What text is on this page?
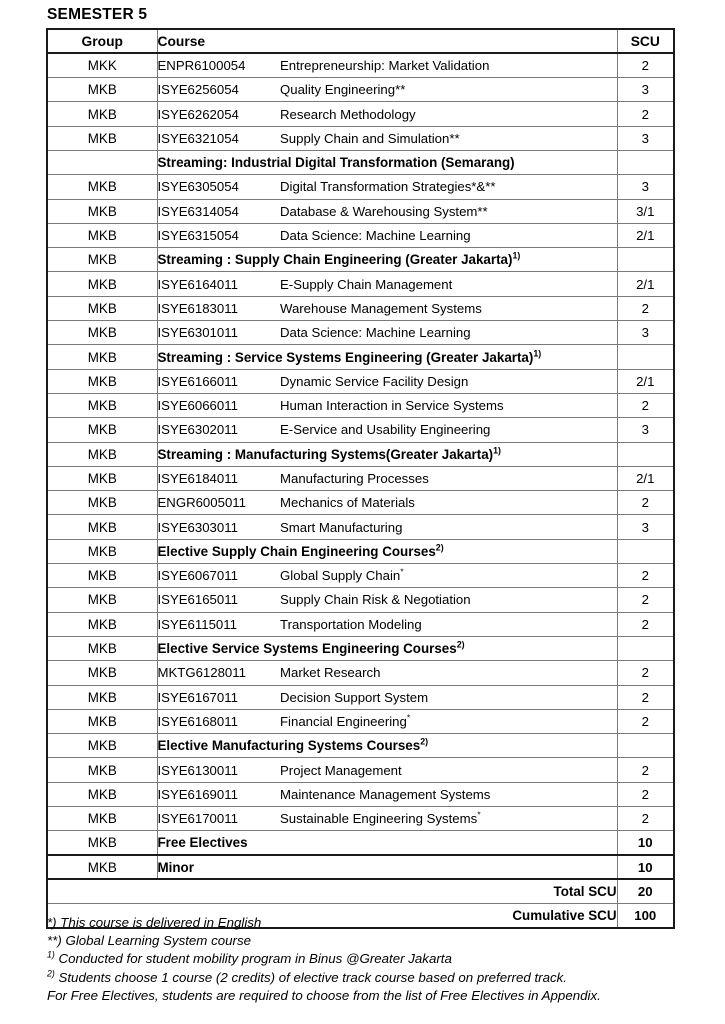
SEMESTER 5
Group	Course		SCU
MKK	ENPR6100054	Entrepreneurship: Market Validation	2
MKB	ISYE6256054	Quality Engineering**	3
MKB	ISYE6262054	Research Methodology	2
MKB	ISYE6321054	Supply Chain and Simulation**	3
	Streaming: Industrial Digital Transformation (Semarang)		
MKB	ISYE6305054	Digital Transformation Strategies*&**	3
MKB	ISYE6314054	Database & Warehousing System**	3/1
MKB	ISYE6315054	Data Science: Machine Learning	2/1
MKB	Streaming : Supply Chain Engineering (Greater Jakarta)$^{1)}$	
MKB	ISYE6164011	E-Supply Chain Management	2/1
MKB	ISYE6183011	Warehouse Management Systems	2
MKB	ISYE6301011	Data Science: Machine Learning	3
MKB	Streaming : Service Systems Engineering (Greater Jakarta)$^{1)}$	
MKB	ISYE6166011	Dynamic Service Facility Design	2/1
MKB	ISYE6066011	Human Interaction in Service Systems	2
MKB	ISYE6302011	E-Service and Usability Engineering	3
MKB	Streaming : Manufacturing Systems(Greater Jakarta)$^{1)}$	
MKB	ISYE6184011	Manufacturing Processes	2/1
MKB	ENGR6005011	Mechanics of Materials	2
MKB	ISYE6303011	Smart Manufacturing	3
MKB	Elective Supply Chain Engineering Courses$^{2)}$	
MKB	ISYE6067011	Global Supply Chain*	2
MKB	ISYE6165011	Supply Chain Risk & Negotiation	2
MKB	ISYE6115011	Transportation Modeling	2
MKB	Elective Service Systems Engineering Courses$^{2)}$	
MKB	MKTG6128011	Market Research	2
MKB	ISYE6167011	Decision Support System	2
MKB	ISYE6168011	Financial Engineering*	2
MKB	Elective Manufacturing Systems Courses$^{2)}$	
MKB	ISYE6130011	Project Management	2
MKB	ISYE6169011	Maintenance Management Systems	2
MKB	ISYE6170011	Sustainable Engineering Systems*	2
MKB	Free Electives		10
MKB	Minor		10
Total SCU			20
Cumulative SCU			100
*) This course is delivered in English
**) Global Learning System course
$^{1)}$ Conducted for student mobility program in Binus @Greater Jakarta
$^{2)}$ Students choose 1 course (2 credits) of elective track course based on preferred track.
For Free Electives, students are required to choose from the list of Free Electives in Appendix.
